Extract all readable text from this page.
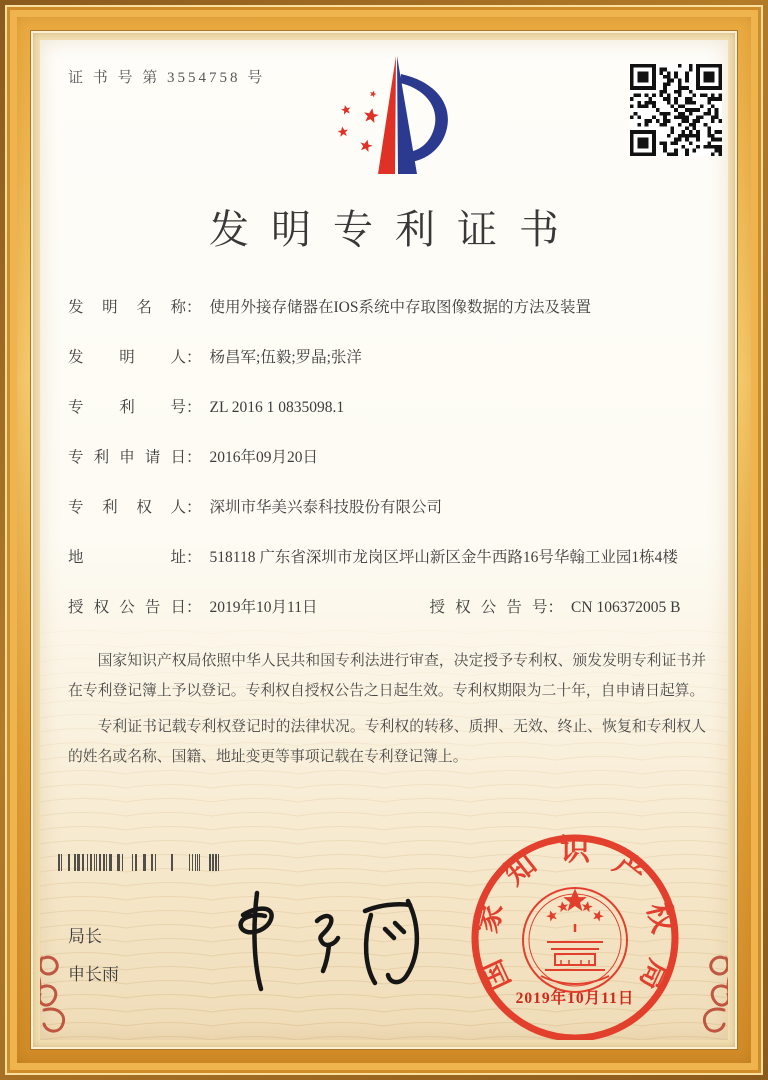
证 书 号 第 3554758 号
发明专利证书
发明名称 ： 使用外接存储器在IOS系统中存取图像数据的方法及装置
发明人 ： 杨昌军;伍毅;罗晶;张洋
专利号 ： ZL 2016 1 0835098.1
专利申请日 ： 2016年09月20日
专利权人 ： 深圳市华美兴泰科技股份有限公司
地址 ： 518118 广东省深圳市龙岗区坪山新区金牛西路16号华翰工业园1栋4楼
授权公告日 ： 2019年10月11日	授权公告号 ： CN 106372005 B

国家知识产权局依照中华人民共和国专利法进行审查，决定授予专利权、颁发发明专利证书并在专利登记簿上予以登记。专利权自授权公告之日起生效。专利权期限为二十年，自申请日起算。

专利证书记载专利权登记时的法律状况。专利权的转移、质押、无效、终止、恢复和专利权人的姓名或名称、国籍、地址变更等事项记载在专利登记簿上。

局长
申长雨	国
家
知 识 产
权
局
2019年10月11日
